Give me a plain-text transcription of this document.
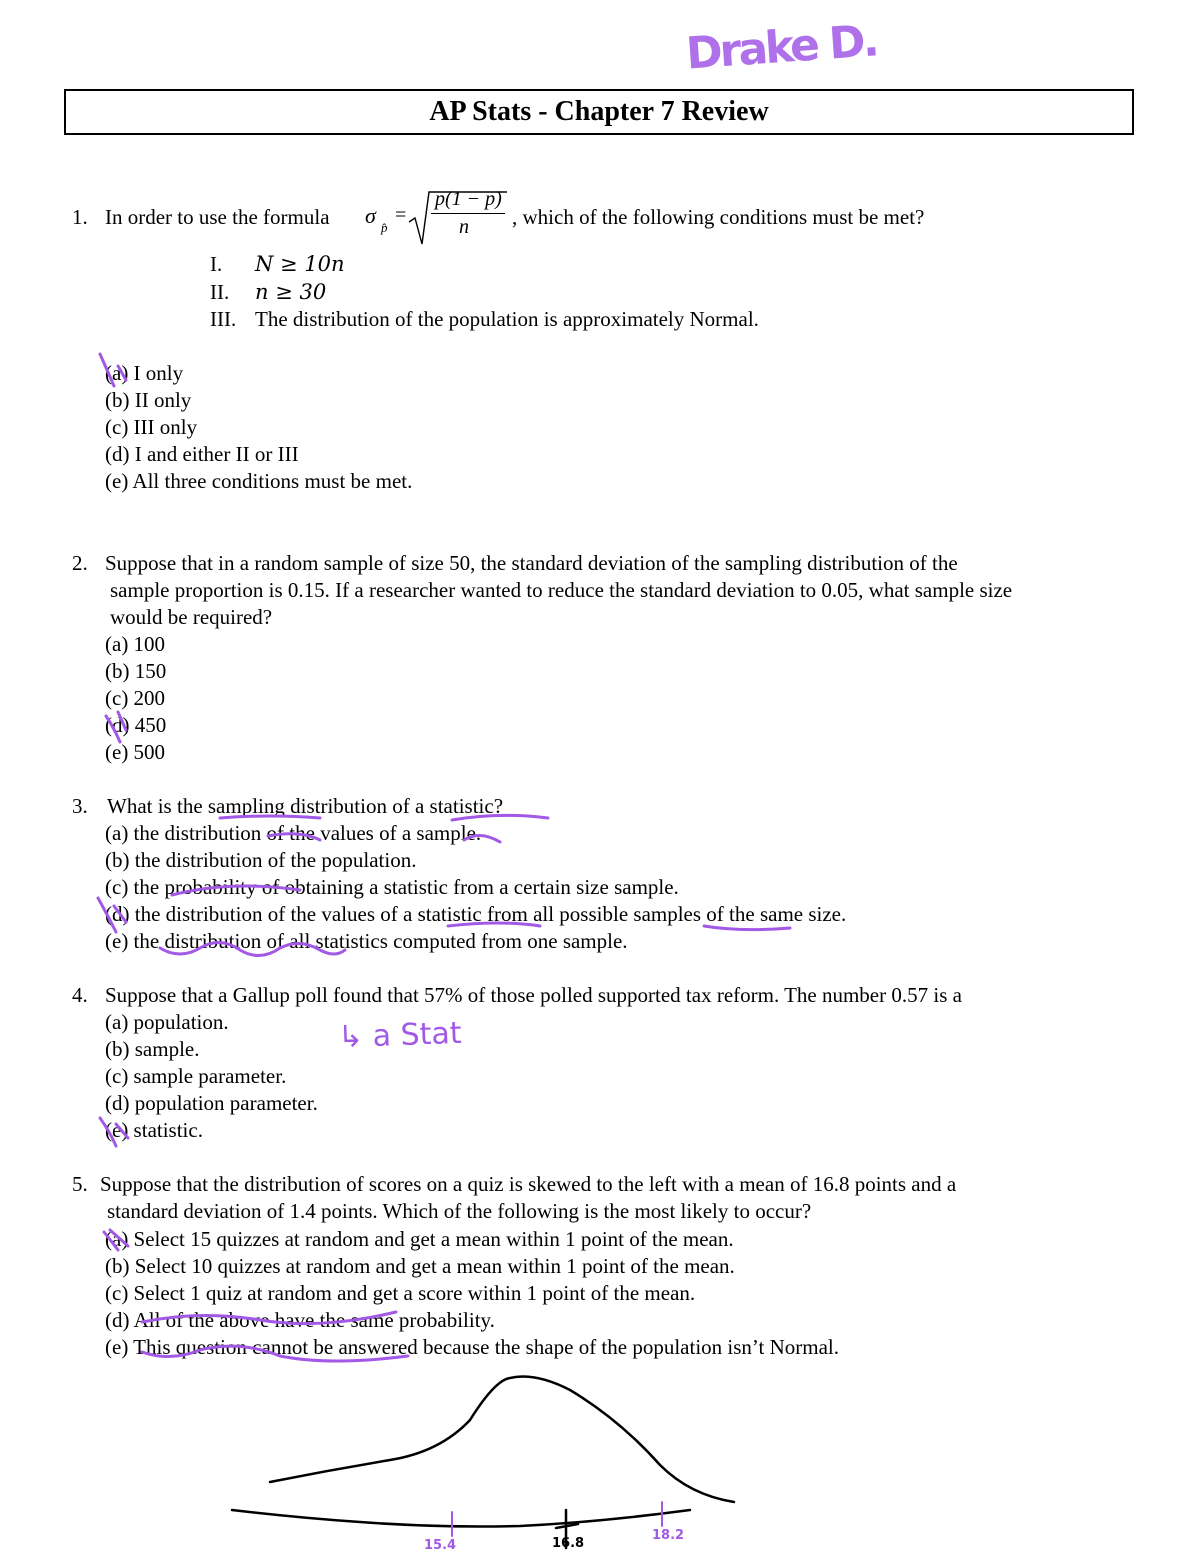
Drake D.
AP Stats - Chapter 7 Review
1. In order to use the formula σ p̂
=
p(1 − p)
n , which of the following conditions must be met?
I. N ≥ 10n
II. n ≥ 30
III. The distribution of the population is approximately Normal.
(a) I only
(b) II only
(c) III only
(d) I and either II or III
(e) All three conditions must be met.
2. Suppose that in a random sample of size 50, the standard deviation of the sampling distribution of the
sample proportion is 0.15. If a researcher wanted to reduce the standard deviation to 0.05, what sample size
would be required?
(a) 100
(b) 150
(c) 200
(d) 450
(e) 500
3. What is the sampling distribution of a statistic?
(a) the distribution of the values of a sample.
(b) the distribution of the population.
(c) the probability of obtaining a statistic from a certain size sample.
(d) the distribution of the values of a statistic from all possible samples of the same size.
(e) the distribution of all statistics computed from one sample.
4. Suppose that a Gallup poll found that 57% of those polled supported tax reform. The number 0.57 is a
(a) population.
(b) sample.
(c) sample parameter.
(d) population parameter.
(e) statistic.
↳ a Stat
5. Suppose that the distribution of scores on a quiz is skewed to the left with a mean of 16.8 points and a
standard deviation of 1.4 points. Which of the following is the most likely to occur?
(a) Select 15 quizzes at random and get a mean within 1 point of the mean.
(b) Select 10 quizzes at random and get a mean within 1 point of the mean.
(c) Select 1 quiz at random and get a score within 1 point of the mean.
(d) All of the above have the same probability.
(e) This question cannot be answered because the shape of the population isn’t Normal.
15.4	16.8
18.2
